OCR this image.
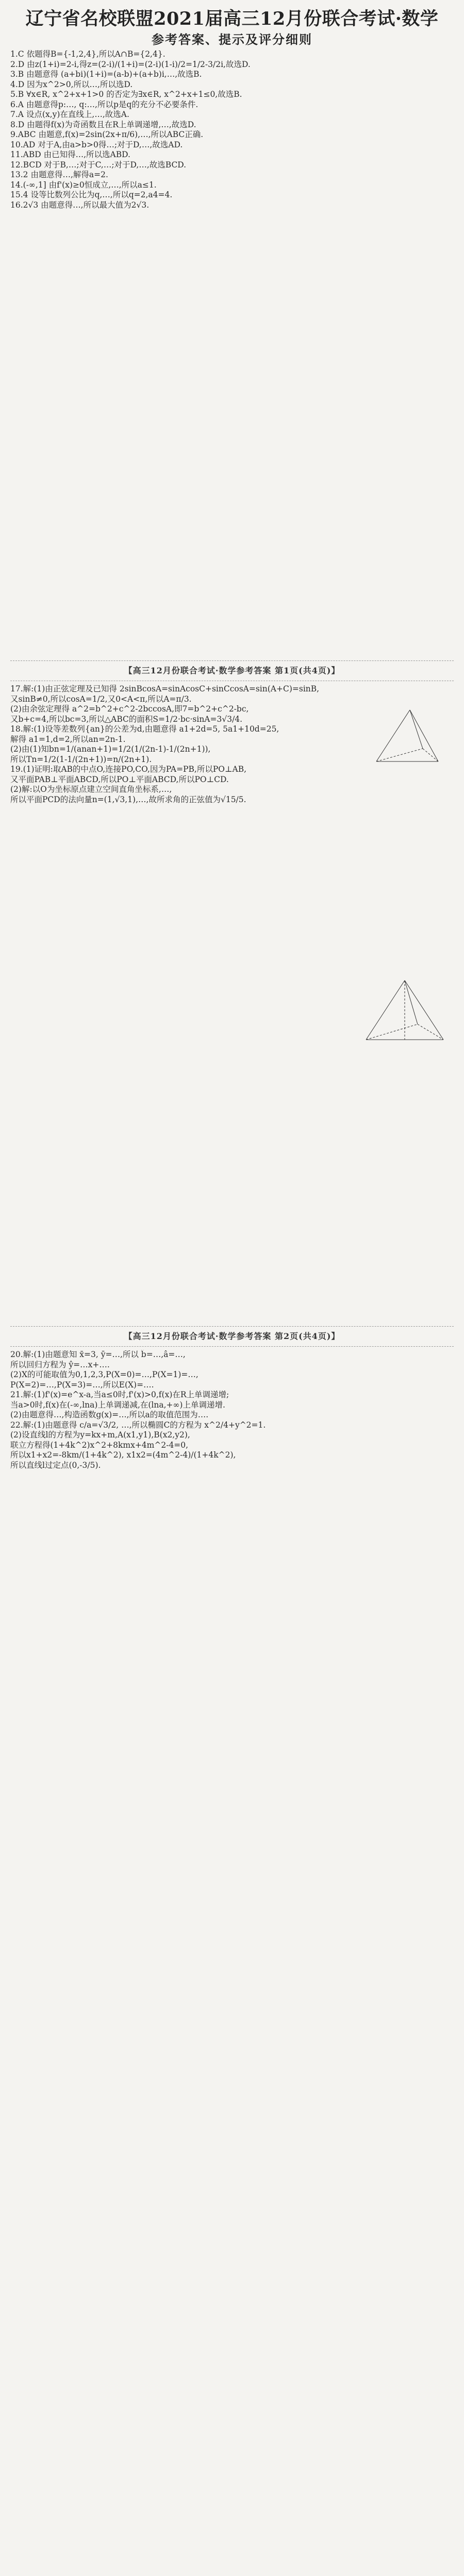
辽宁省名校联盟2021届高三12月份联合考试·数学

参考答案、提示及评分细则

1.C 依题得B={-1,2,4},所以A∩B={2,4}.
2.D 由z(1+i)=2-i,得z=(2-i)/(1+i)=(2-i)(1-i)/2=1/2-3/2i,故选D.
3.B 由题意得 (a+bi)(1+i)=(a-b)+(a+b)i,…,故选B.
4.D 因为x^2>0,所以…,所以选D.
5.B ∀x∈R, x^2+x+1>0 的否定为∃x∈R, x^2+x+1≤0,故选B.
6.A 由题意得p:…, q:…,所以p是q的充分不必要条件.
7.A 设点(x,y)在直线上,…,故选A.
8.D 由题得f(x)为奇函数且在R上单调递增,…,故选D.
9.ABC 由题意,f(x)=2sin(2x+π/6),…,所以ABC正确.
10.AD 对于A,由a>b>0得…;对于D,…,故选AD.
11.ABD 由已知得…,所以选ABD.
12.BCD 对于B,…;对于C,…;对于D,…,故选BCD.
13.2 由题意得…,解得a=2.
14.(-∞,1] 由f'(x)≥0恒成立,…,所以a≤1.
15.4 设等比数列公比为q,…,所以q=2,a4=4.
16.2√3 由题意得…,所以最大值为2√3.
【高三12月份联合考试·数学参考答案 第1页(共4页)】
17.解:(1)由正弦定理及已知得 2sinBcosA=sinAcosC+sinCcosA=sin(A+C)=sinB,
又sinB≠0,所以cosA=1/2,又0<A<π,所以A=π/3.
(2)由余弦定理得 a^2=b^2+c^2-2bccosA,即7=b^2+c^2-bc,
又b+c=4,所以bc=3,所以△ABC的面积S=1/2·bc·sinA=3√3/4.
18.解:(1)设等差数列{an}的公差为d,由题意得 a1+2d=5, 5a1+10d=25,
解得 a1=1,d=2,所以an=2n-1.
(2)由(1)知bn=1/(anan+1)=1/2(1/(2n-1)-1/(2n+1)),
所以Tn=1/2(1-1/(2n+1))=n/(2n+1).
19.(1)证明:取AB的中点O,连接PO,CO,因为PA=PB,所以PO⊥AB,
又平面PAB⊥平面ABCD,所以PO⊥平面ABCD,所以PO⊥CD.
(2)解:以O为坐标原点建立空间直角坐标系,…,
所以平面PCD的法向量n=(1,√3,1),…,故所求角的正弦值为√15/5.
【高三12月份联合考试·数学参考答案 第2页(共4页)】
20.解:(1)由题意知 x̄=3, ȳ=…,所以 b̂=…,â=…,
所以回归方程为 ŷ=…x+….
(2)X的可能取值为0,1,2,3,P(X=0)=…,P(X=1)=…,
P(X=2)=…,P(X=3)=…,所以E(X)=….
21.解:(1)f'(x)=e^x-a,当a≤0时,f'(x)>0,f(x)在R上单调递增;
当a>0时,f(x)在(-∞,lna)上单调递减,在(lna,+∞)上单调递增.
(2)由题意得…,构造函数g(x)=…,所以a的取值范围为….
22.解:(1)由题意得 c/a=√3/2, …,所以椭圆C的方程为 x^2/4+y^2=1.
(2)设直线l的方程为y=kx+m,A(x1,y1),B(x2,y2),
联立方程得(1+4k^2)x^2+8kmx+4m^2-4=0,
所以x1+x2=-8km/(1+4k^2), x1x2=(4m^2-4)/(1+4k^2),
所以直线l过定点(0,-3/5).
